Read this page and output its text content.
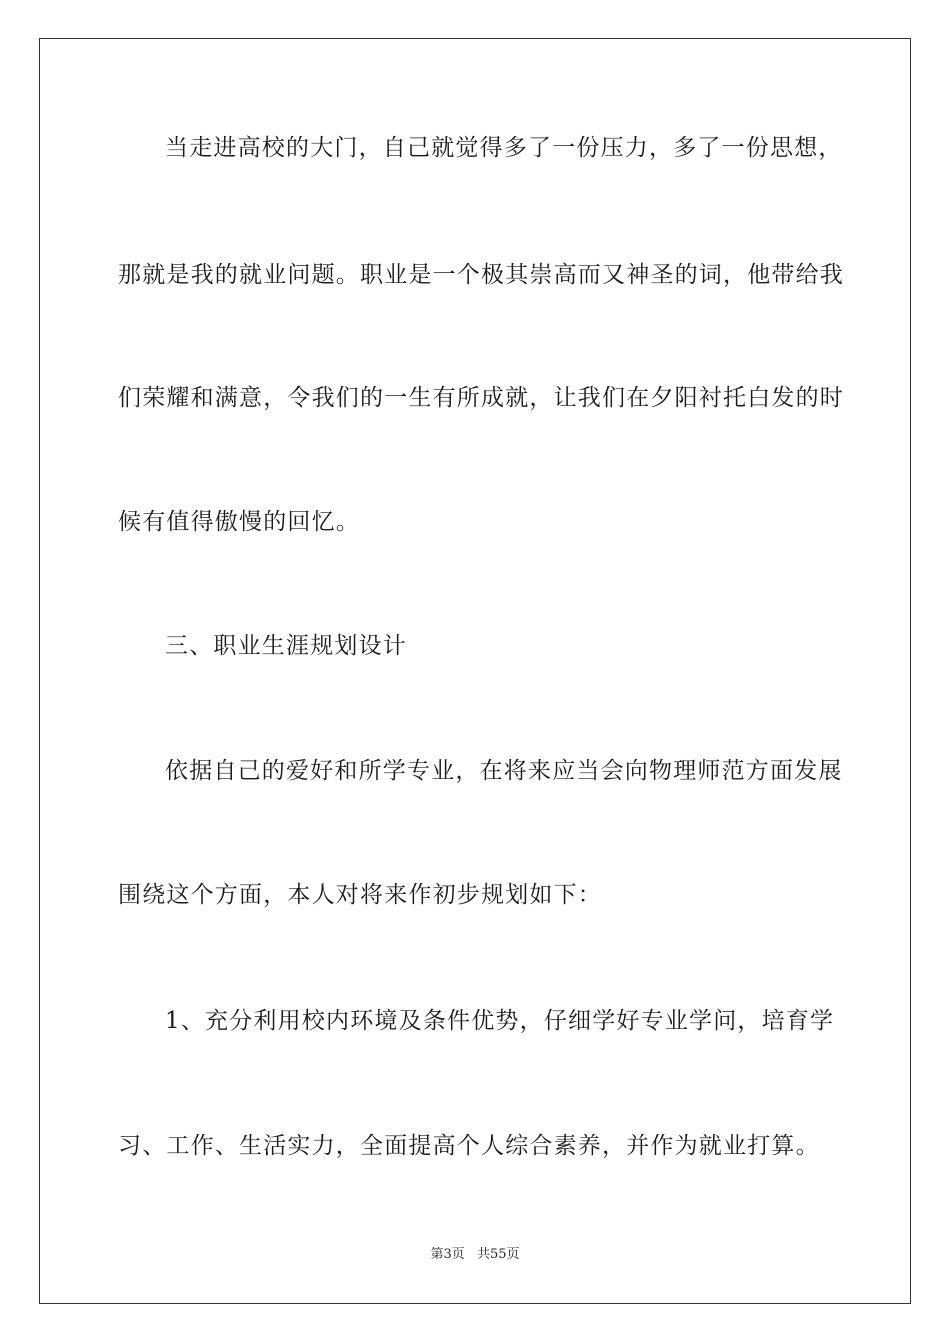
当走进高校的大门，自己就觉得多了一份压力，多了一份思想，
那就是我的就业问题。职业是一个极其崇高而又神圣的词，他带给我
们荣耀和满意，令我们的一生有所成就，让我们在夕阳衬托白发的时
候有值得傲慢的回忆。
三、职业生涯规划设计
依据自己的爱好和所学专业，在将来应当会向物理师范方面发展
围绕这个方面，本人对将来作初步规划如下：
1、充分利用校内环境及条件优势，仔细学好专业学问，培育学
习、工作、生活实力，全面提高个人综合素养，并作为就业打算。
第3页 共55页
